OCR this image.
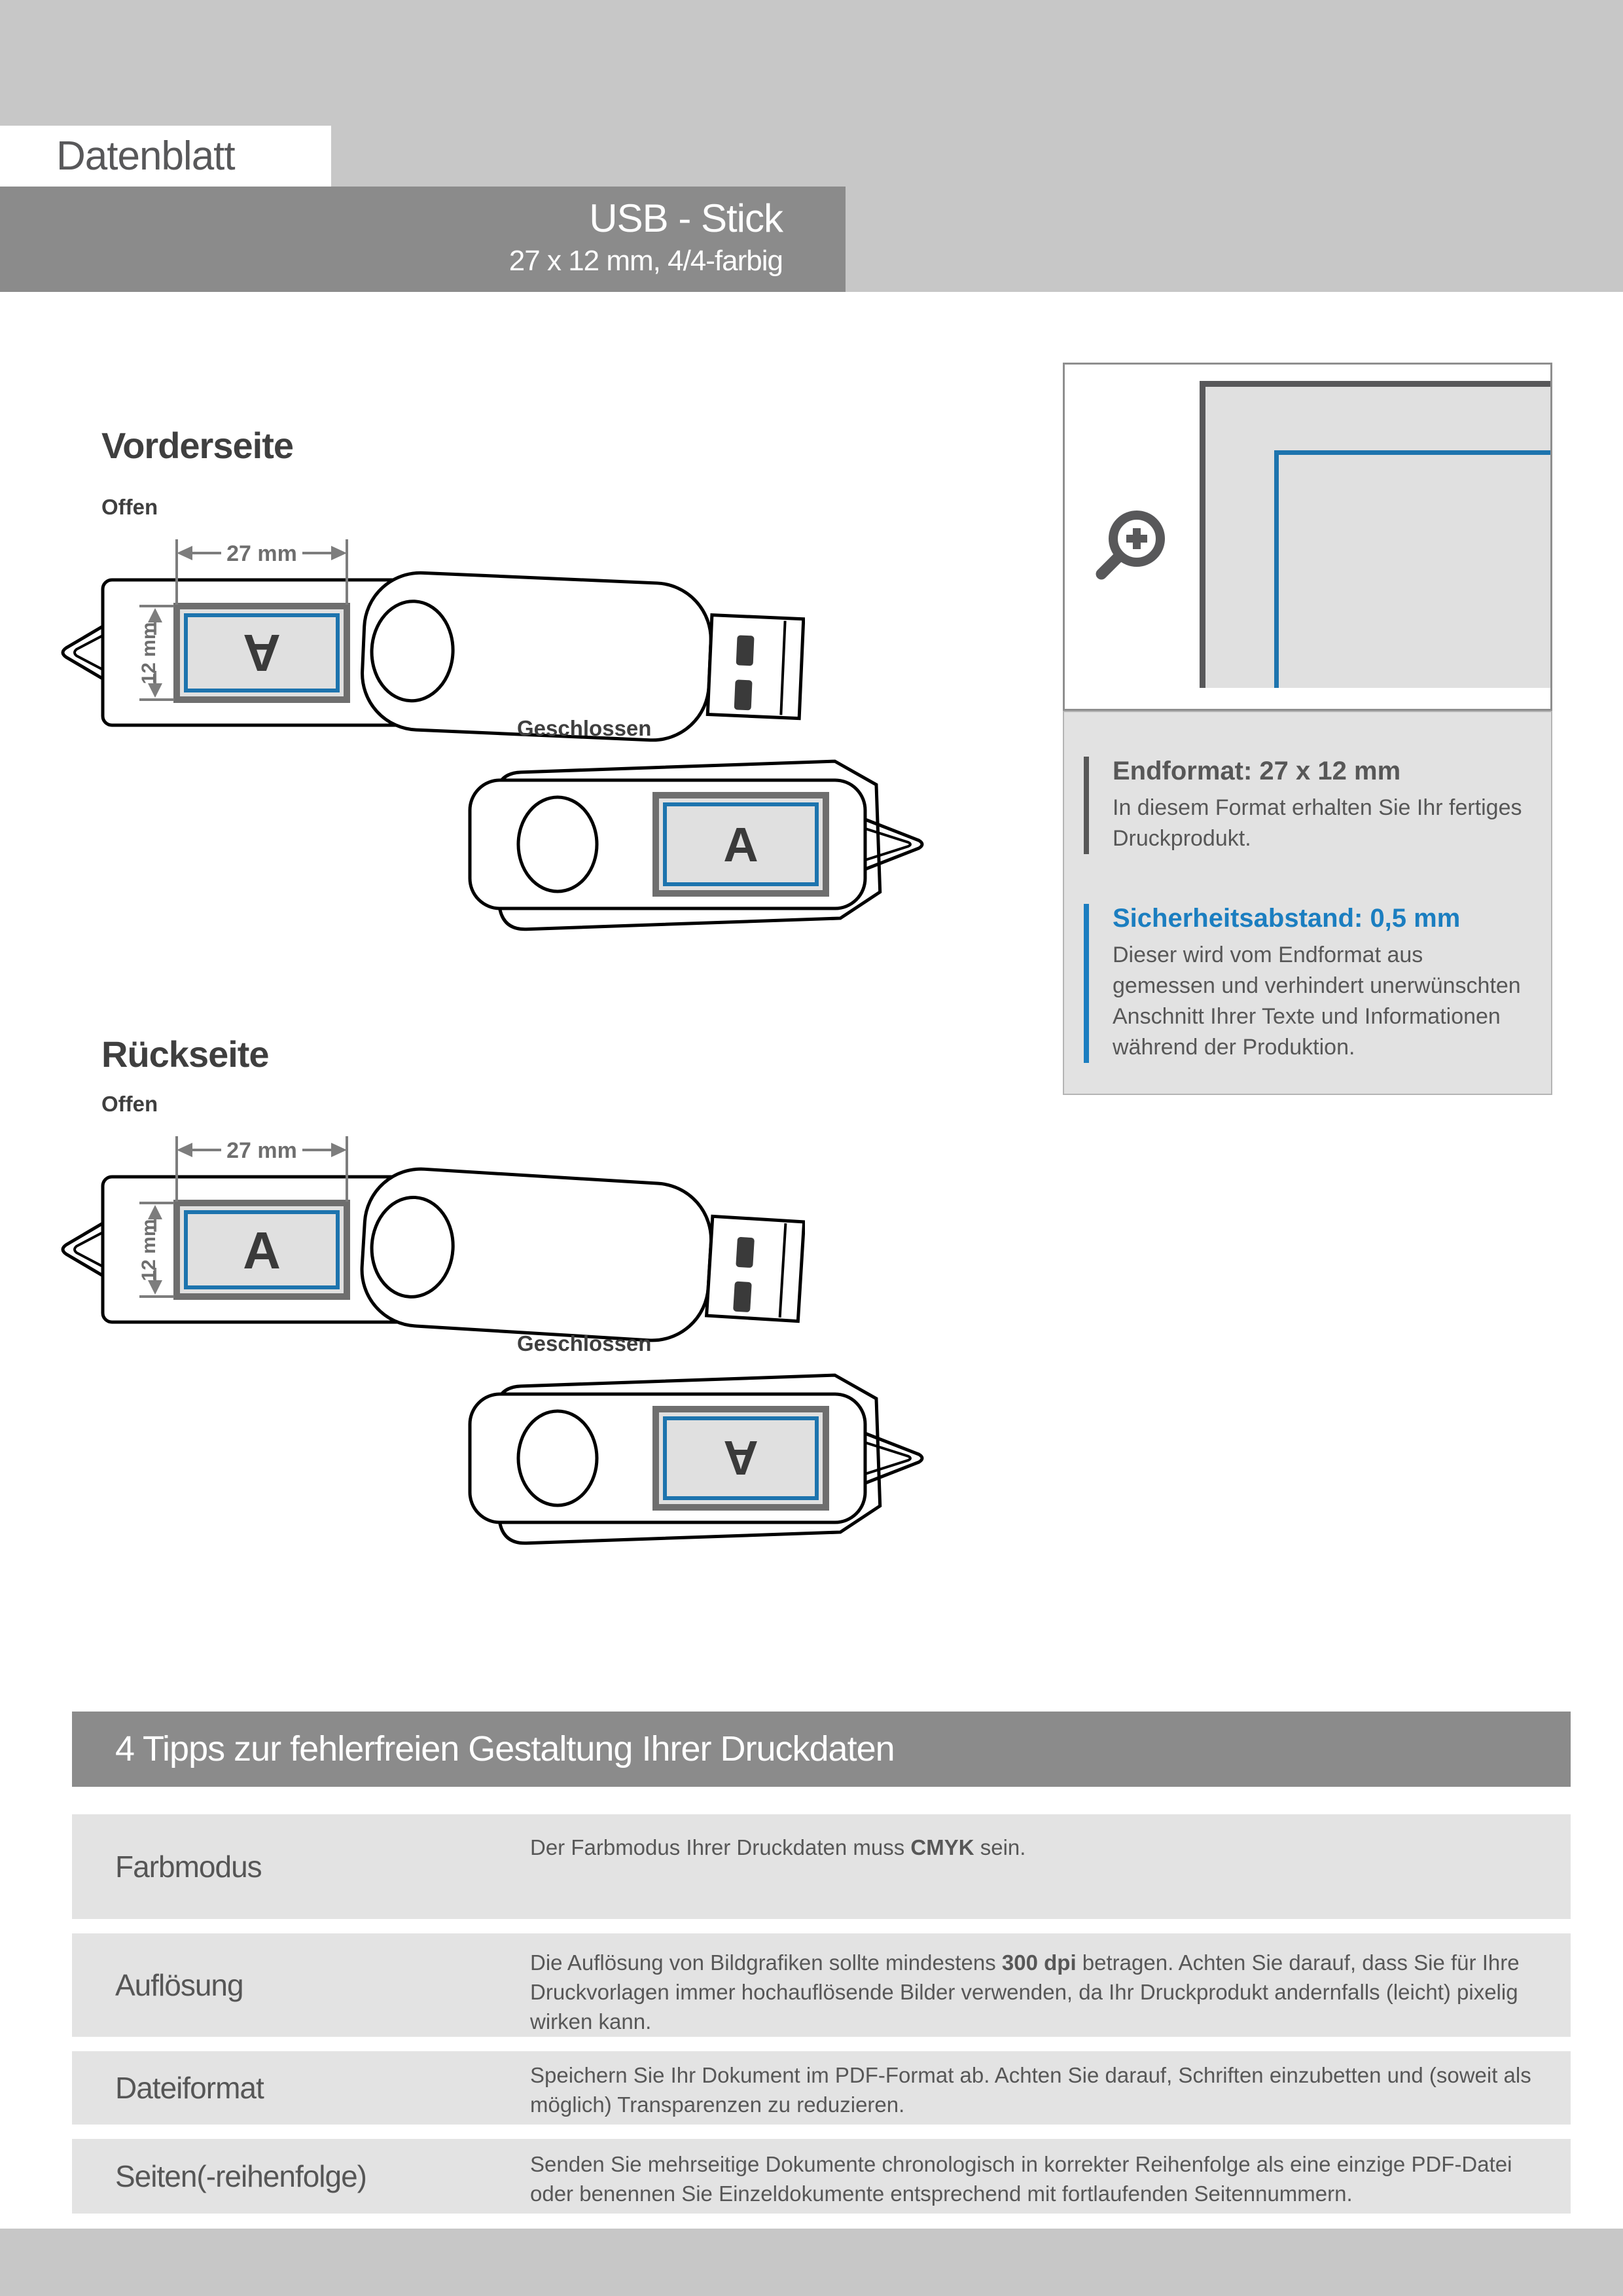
Datenblatt
USB - Stick
27 x 12 mm, 4/4-farbig
Vorderseite
Offen
A
27 mm
12 mm
Geschlossen
A
Rückseite
Offen
A
27 mm
12 mm
Geschlossen
A
Endformat: 27 x 12 mm
In diesem Format erhalten Sie Ihr fertiges Druckprodukt.
Sicherheitsabstand: 0,5 mm
Dieser wird vom Endformat aus gemessen und verhindert unerwünschten Anschnitt Ihrer Texte und Informationen während der Produktion.
4 Tipps zur fehlerfreien Gestaltung Ihrer Druckdaten
Farbmodus
Der Farbmodus Ihrer Druckdaten muss CMYK sein.
Auflösung
Die Auflösung von Bildgrafiken sollte mindestens 300 dpi betragen. Achten Sie darauf, dass Sie für Ihre Druckvorlagen immer hochauflösende Bilder verwenden, da Ihr Druckprodukt andernfalls (leicht) pixelig wirken kann.
Dateiformat	Speichern Sie Ihr Dokument im PDF-Format ab. Achten Sie darauf, Schriften einzubetten und (soweit als möglich) Transparenzen zu reduzieren.
Seiten(-reihenfolge)	Senden Sie mehrseitige Dokumente chronologisch in korrekter Reihenfolge als eine einzige PDF-Datei oder benennen Sie Einzeldokumente entsprechend mit fortlaufenden Seitennummern.
